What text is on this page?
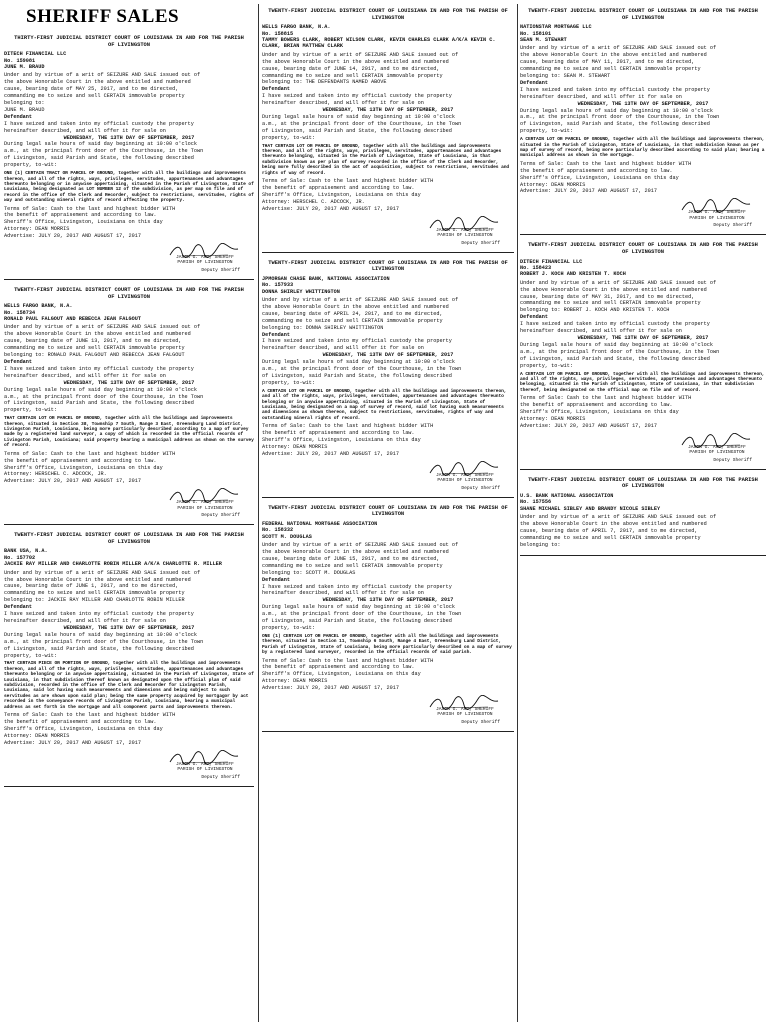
SHERIFF SALES
THIRTY-FIRST JUDICIAL DISTRICT COURT OF LOUISIANA IN AND FOR THE PARISH OF LIVINGSTON
DITECH FINANCIAL LLC
No. 159081
JUNE M. BRAUD
Under and by virtue of a writ of SEIZURE AND SALE issued out of
the above Honorable Court in the above entitled and numbered
cause, bearing date of MAY 25, 2017, and to me directed,
commanding me to seize and sell CERTAIN immovable property
belonging to:
JUNE M. BRAUD
Defendant
I have seized and taken into my official custody the property
hereinafter described, and will offer it for sale on
WEDNESDAY, THE 13TH DAY OF SEPTEMBER, 2017
During legal sale hours of said day beginning at 10:00 o'clock
a.m., at the principal front door of the Courthouse, in the Town
of Livingston, said Parish and State, the following described
property, to-wit:
ONE (1) CERTAIN TRACT OR PARCEL OF GROUND, together with all the buildings and improvements thereon, and all of the rights, ways, privileges, servitudes, appurtenances and advantages thereunto belonging or in anywise appertaining, situated in the Parish of Livingston, State of Louisiana, being designated as LOT NUMBER 12 of the subdivision, as per map on file and of record in the office of the Clerk and Recorder, subject to restrictions, servitudes, rights of way and outstanding mineral rights of record affecting the property.
Terms of Sale: Cash to the last and highest bidder WITH
the benefit of appraisement and according to law.
Sheriff's Office, Livingston, Louisiana on this day
Attorney: DEAN MORRIS
Advertise: JULY 20, 2017 AND AUGUST 17, 2017
JASON G. ARD, SHERIFF PARISH OF LIVINGSTON
Deputy Sheriff
TWENTY-FIRST JUDICIAL DISTRICT COURT OF LOUISIANA IN AND FOR THE PARISH OF LIVINGSTON
WELLS FARGO BANK, N.A.
No. 158734
RONALD PAUL FALGOUT AND REBECCA JEAN FALGOUT
Under and by virtue of a writ of SEIZURE AND SALE issued out of
the above Honorable Court in the above entitled and numbered
cause, bearing date of JUNE 13, 2017, and to me directed,
commanding me to seize and sell CERTAIN immovable property
belonging to: RONALD PAUL FALGOUT AND REBECCA JEAN FALGOUT
Defendant
I have seized and taken into my official custody the property
hereinafter described, and will offer it for sale on
WEDNESDAY, THE 13TH DAY OF SEPTEMBER, 2017
During legal sale hours of said day beginning at 10:00 o'clock
a.m., at the principal front door of the Courthouse, in the Town
of Livingston, said Parish and State, the following described
property, to-wit:
THAT CERTAIN LOT OR PARCEL OF GROUND, together with all the buildings and improvements thereon, situated in Section 38, Township 7 South, Range 3 East, Greensburg Land District, Livingston Parish, Louisiana, being more particularly described according to a map of survey made by a registered land surveyor, a copy of which is recorded in the official records of Livingston Parish, Louisiana; said property bearing a municipal address as shown on the survey of record.
Terms of Sale: Cash to the last and highest bidder WITH
the benefit of appraisement and according to law.
Sheriff's Office, Livingston, Louisiana on this day
Attorney: HERSCHEL C. ADCOCK, JR.
Advertise: JULY 20, 2017 AND AUGUST 17, 2017
JASON G. ARD, SHERIFF PARISH OF LIVINGSTON
Deputy Sheriff
TWENTY-FIRST JUDICIAL DISTRICT COURT OF LOUISIANA IN AND FOR THE PARISH OF LIVINGSTON
BANK USA, N.A.
No. 157702
JACKIE RAY MILLER AND CHARLOTTE ROBIN MILLER A/K/A CHARLOTTE R. MILLER
Under and by virtue of a writ of SEIZURE AND SALE issued out of
the above Honorable Court in the above entitled and numbered
cause, bearing date of JUNE 1, 2017, and to me directed,
commanding me to seize and sell CERTAIN immovable property
belonging to: JACKIE RAY MILLER AND CHARLOTTE ROBIN MILLER
Defendant
I have seized and taken into my official custody the property
hereinafter described, and will offer it for sale on
WEDNESDAY, THE 13TH DAY OF SEPTEMBER, 2017
During legal sale hours of said day beginning at 10:00 o'clock
a.m., at the principal front door of the Courthouse, in the Town
of Livingston, said Parish and State, the following described
property, to-wit:
THAT CERTAIN PIECE OR PORTION OF GROUND, together with all the buildings and improvements thereon, and all of the rights, ways, privileges, servitudes, appurtenances and advantages thereunto belonging or in anywise appertaining, situated in the Parish of Livingston, State of Louisiana, in that subdivision thereof known as designated upon the official plan of said subdivision, recorded in the office of the Clerk and Recorder for Livingston Parish, Louisiana, said lot having such measurements and dimensions and being subject to such servitudes as are shown upon said plan; being the same property acquired by mortgagor by act recorded in the conveyance records of Livingston Parish, Louisiana, bearing a municipal address as set forth in the mortgage and all component parts and improvements thereon.
Terms of Sale: Cash to the last and highest bidder WITH
the benefit of appraisement and according to law.
Sheriff's Office, Livingston, Louisiana on this day
Attorney: DEAN MORRIS
Advertise: JULY 20, 2017 AND AUGUST 17, 2017
JASON G. ARD, SHERIFF PARISH OF LIVINGSTON
Deputy Sheriff
TWENTY-FIRST JUDICIAL DISTRICT COURT OF LOUISIANA IN AND FOR THE PARISH OF LIVINGSTON
WELLS FARGO BANK, N.A.
No. 158815
TAMMY BOWERS CLARK, ROBERT WILSON CLARK, KEVIN CHARLES CLARK A/K/A KEVIN C. CLARK, BRIAN MATTHEW CLARK
Under and by virtue of a writ of SEIZURE AND SALE issued out of
the above Honorable Court in the above entitled and numbered
cause, bearing date of JUNE 14, 2017, and to me directed,
commanding me to seize and sell CERTAIN immovable property
belonging to: THE DEFENDANTS NAMED ABOVE
Defendant
I have seized and taken into my official custody the property
hereinafter described, and will offer it for sale on
WEDNESDAY, THE 13TH DAY OF SEPTEMBER, 2017
During legal sale hours of said day beginning at 10:00 o'clock
a.m., at the principal front door of the Courthouse, in the Town
of Livingston, said Parish and State, the following described
property, to-wit:
THAT CERTAIN LOT OR PARCEL OF GROUND, together with all the buildings and improvements thereon, and all of the rights, ways, privileges, servitudes, appurtenances and advantages thereunto belonging, situated in the Parish of Livingston, State of Louisiana, in that subdivision known as per plan of survey recorded in the office of the Clerk and Recorder, being more fully described in the act of acquisition, subject to restrictions, servitudes and rights of way of record.
Terms of Sale: Cash to the last and highest bidder WITH
the benefit of appraisement and according to law.
Sheriff's Office, Livingston, Louisiana on this day
Attorney: HERSCHEL C. ADCOCK, JR.
Advertise: JULY 20, 2017 AND AUGUST 17, 2017
JASON G. ARD, SHERIFF PARISH OF LIVINGSTON
Deputy Sheriff
TWENTY-FIRST JUDICIAL DISTRICT COURT OF LOUISIANA IN AND FOR THE PARISH OF LIVINGSTON
JPMORGAN CHASE BANK, NATIONAL ASSOCIATION
No. 157933
DONNA SHIRLEY WHITTINGTON
Under and by virtue of a writ of SEIZURE AND SALE issued out of
the above Honorable Court in the above entitled and numbered
cause, bearing date of APRIL 24, 2017, and to me directed,
commanding me to seize and sell CERTAIN immovable property
belonging to: DONNA SHIRLEY WHITTINGTON
Defendant
I have seized and taken into my official custody the property
hereinafter described, and will offer it for sale on
WEDNESDAY, THE 13TH DAY OF SEPTEMBER, 2017
During legal sale hours of said day beginning at 10:00 o'clock
a.m., at the principal front door of the Courthouse, in the Town
of Livingston, said Parish and State, the following described
property, to-wit:
A CERTAIN LOT OR PARCEL OF GROUND, together with all the buildings and improvements thereon, and all of the rights, ways, privileges, servitudes, appurtenances and advantages thereunto belonging or in anywise appertaining, situated in the Parish of Livingston, State of Louisiana, being designated on a map of survey of record, said lot having such measurements and dimensions as shown thereon, subject to restrictions, servitudes, rights of way and outstanding mineral rights of record.
Terms of Sale: Cash to the last and highest bidder WITH
the benefit of appraisement and according to law.
Sheriff's Office, Livingston, Louisiana on this day
Attorney: DEAN MORRIS
Advertise: JULY 20, 2017 AND AUGUST 17, 2017
JASON G. ARD, SHERIFF PARISH OF LIVINGSTON
Deputy Sheriff
TWENTY-FIRST JUDICIAL DISTRICT COURT OF LOUISIANA IN AND FOR THE PARISH OF LIVINGSTON
FEDERAL NATIONAL MORTGAGE ASSOCIATION
No. 158332
SCOTT M. DOUGLAS
Under and by virtue of a writ of SEIZURE AND SALE issued out of
the above Honorable Court in the above entitled and numbered
cause, bearing date of JUNE 15, 2017, and to me directed,
commanding me to seize and sell CERTAIN immovable property
belonging to: SCOTT M. DOUGLAS
Defendant
I have seized and taken into my official custody the property
hereinafter described, and will offer it for sale on
WEDNESDAY, THE 13TH DAY OF SEPTEMBER, 2017
During legal sale hours of said day beginning at 10:00 o'clock
a.m., at the principal front door of the Courthouse, in the Town
of Livingston, said Parish and State, the following described
property, to-wit:
ONE (1) CERTAIN LOT OR PARCEL OF GROUND, together with all the buildings and improvements thereon, situated in Section 11, Township 6 South, Range 4 East, Greensburg Land District, Parish of Livingston, State of Louisiana, being more particularly described on a map of survey by a registered land surveyor, recorded in the official records of said parish.
Terms of Sale: Cash to the last and highest bidder WITH
the benefit of appraisement and according to law.
Sheriff's Office, Livingston, Louisiana on this day
Attorney: DEAN MORRIS
Advertise: JULY 20, 2017 AND AUGUST 17, 2017
JASON G. ARD, SHERIFF PARISH OF LIVINGSTON
Deputy Sheriff
TWENTY-FIRST JUDICIAL DISTRICT COURT OF LOUISIANA IN AND FOR THE PARISH OF LIVINGSTON
NATIONSTAR MORTGAGE LLC
No. 158101
SEAN M. STEWART
Under and by virtue of a writ of SEIZURE AND SALE issued out of
the above Honorable Court in the above entitled and numbered
cause, bearing date of MAY 11, 2017, and to me directed,
commanding me to seize and sell CERTAIN immovable property
belonging to: SEAN M. STEWART
Defendant
I have seized and taken into my official custody the property
hereinafter described, and will offer it for sale on
WEDNESDAY, THE 13TH DAY OF SEPTEMBER, 2017
During legal sale hours of said day beginning at 10:00 o'clock
a.m., at the principal front door of the Courthouse, in the Town
of Livingston, said Parish and State, the following described
property, to-wit:
A CERTAIN LOT OR PARCEL OF GROUND, together with all the buildings and improvements thereon, situated in the Parish of Livingston, State of Louisiana, in that subdivision known as per map of survey of record, being more particularly described according to said plan; bearing a municipal address as shown in the mortgage.
Terms of Sale: Cash to the last and highest bidder WITH
the benefit of appraisement and according to law.
Sheriff's Office, Livingston, Louisiana on this day
Attorney: DEAN MORRIS
Advertise: JULY 20, 2017 AND AUGUST 17, 2017
JASON G. ARD, SHERIFF PARISH OF LIVINGSTON
Deputy Sheriff
TWENTY-FIRST JUDICIAL DISTRICT COURT OF LOUISIANA IN AND FOR THE PARISH OF LIVINGSTON
DITECH FINANCIAL LLC
No. 158423
ROBERT J. KOCH AND KRISTEN T. KOCH
Under and by virtue of a writ of SEIZURE AND SALE issued out of
the above Honorable Court in the above entitled and numbered
cause, bearing date of MAY 31, 2017, and to me directed,
commanding me to seize and sell CERTAIN immovable property
belonging to: ROBERT J. KOCH AND KRISTEN T. KOCH
Defendant
I have seized and taken into my official custody the property
hereinafter described, and will offer it for sale on
WEDNESDAY, THE 13TH DAY OF SEPTEMBER, 2017
During legal sale hours of said day beginning at 10:00 o'clock
a.m., at the principal front door of the Courthouse, in the Town
of Livingston, said Parish and State, the following described
property, to-wit:
A CERTAIN LOT OR PARCEL OF GROUND, together with all the buildings and improvements thereon, and all of the rights, ways, privileges, servitudes, appurtenances and advantages thereunto belonging, situated in the Parish of Livingston, State of Louisiana, in that subdivision thereof, being designated on the official map on file and of record.
Terms of Sale: Cash to the last and highest bidder WITH
the benefit of appraisement and according to law.
Sheriff's Office, Livingston, Louisiana on this day
Attorney: DEAN MORRIS
Advertise: JULY 20, 2017 AND AUGUST 17, 2017
JASON G. ARD, SHERIFF PARISH OF LIVINGSTON
Deputy Sheriff
TWENTY-FIRST JUDICIAL DISTRICT COURT OF LOUISIANA IN AND FOR THE PARISH OF LIVINGSTON
U.S. BANK NATIONAL ASSOCIATION
No. 157556
SHANE MICHAEL SIBLEY AND BRANDY NICOLE SIBLEY
Under and by virtue of a writ of SEIZURE AND SALE issued out of
the above Honorable Court in the above entitled and numbered
cause, bearing date of APRIL 7, 2017, and to me directed,
commanding me to seize and sell CERTAIN immovable property
belonging to:
